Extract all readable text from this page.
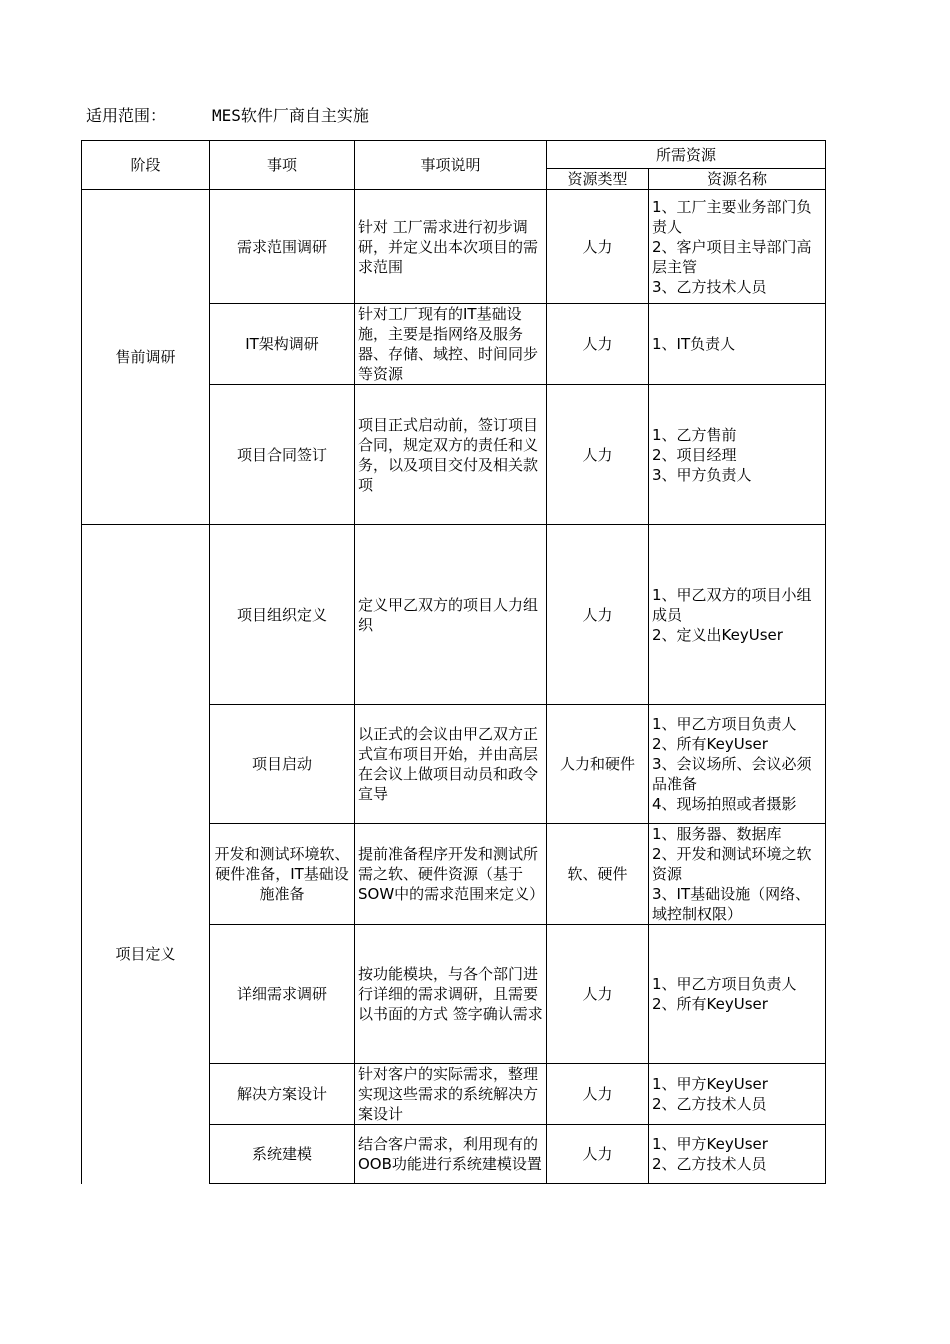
适用范围：	MES软件厂商自主实施
阶段	事项	事项说明	所需资源	
			资源类型	资源名称
售前调研	需求范围调研	针对 工厂需求进行初步调研，并定义出本次项目的需求范围	人力	1、工厂主要业务部门负责人
2、客户项目主导部门高层主管
3、乙方技术人员
	IT架构调研	针对工厂现有的IT基础设施，主要是指网络及服务器、存储、域控、时间同步等资源	人力	1、IT负责人
	项目合同签订	项目正式启动前，签订项目合同，规定双方的责任和义务，以及项目交付及相关款项	人力	1、乙方售前
2、项目经理
3、甲方负责人
项目定义	项目组织定义	定义甲乙双方的项目人力组织	人力	1、甲乙双方的项目小组成员
2、定义出KeyUser
	项目启动	以正式的会议由甲乙双方正式宣布项目开始，并由高层在会议上做项目动员和政令宣导	人力和硬件	1、甲乙方项目负责人
2、所有KeyUser
3、会议场所、会议必须品准备
4、现场拍照或者摄影
	开发和测试环境软、硬件准备，IT基础设施准备	提前准备程序开发和测试所需之软、硬件资源（基于SOW中的需求范围来定义）	软、硬件	1、服务器、数据库
2、开发和测试环境之软资源
3、IT基础设施（网络、域控制权限）
	详细需求调研	按功能模块，与各个部门进行详细的需求调研，且需要以书面的方式 签字确认需求	人力	1、甲乙方项目负责人
2、所有KeyUser
	解决方案设计	针对客户的实际需求，整理实现这些需求的系统解决方案设计	人力	1、甲方KeyUser
2、乙方技术人员
	系统建模	结合客户需求，利用现有的OOB功能进行系统建模设置	人力	1、甲方KeyUser
2、乙方技术人员
